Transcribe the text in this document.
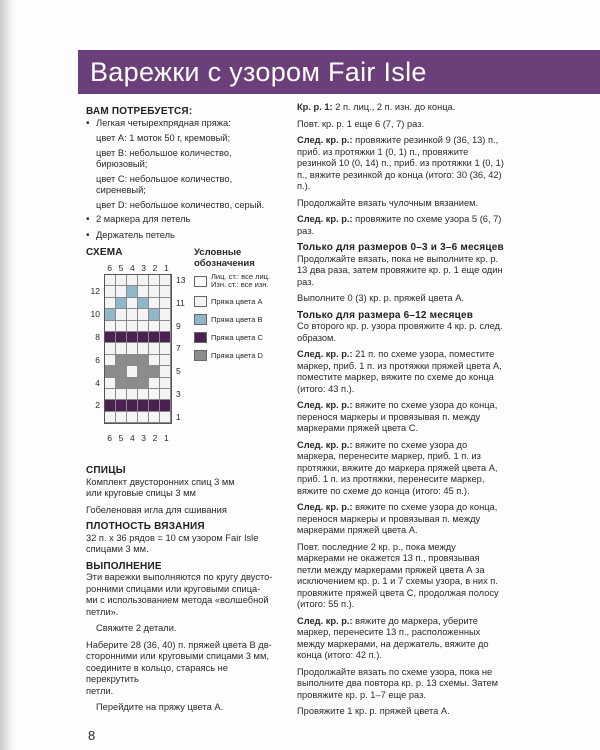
Варежки с узором Fair Isle
ВАМ ПОТРЕБУЕТСЯ:
•
Легкая четырехпрядная пряжа:
цвет А: 1 моток 50 г, кремовый;
цвет В: небольшое количество,
бирюзовый;
цвет С: небольшое количество,
сиреневый;
цвет D: небольшое количество, серый.
•
2 маркера для петель
•
Держатель петель
СХЕМА	Условные
обозначения
6 5 4 3 2 1
13
12
11
10
9
8
7
6
5
4
3
2
1
6 5 4 3 2 1
Лиц. ст.: все лиц.
Изн. ст.: все изн.
Пряжа цвета А
Пряжа цвета В
Пряжа цвета С
Пряжа цвета D
СПИЦЫ

Комплект двусторонних спиц 3 мм
или круговые спицы 3 мм

Гобеленовая игла для сшивания

ПЛОТНОСТЬ ВЯЗАНИЯ

32 п. х 36 рядов = 10 см узором Fair Isle
спицами 3 мм.

ВЫПОЛНЕНИЕ

Эти варежки выполняются по кругу двусто-
ронними спицами или круговыми спица-
ми с использованием метода «волшебной
петли».

Свяжите 2 детали.

Наберите 28 (36, 40) п. пряжей цвета В дв-
сторонними или круговыми спицами 3 мм,
соедините в кольцо, стараясь не перекрутить
петли.

Перейдите на пряжу цвета А.

Кр. р. 1: 2 п. лиц., 2 п. изн. до конца.

Повт. кр. р. 1 еще 6 (7, 7) раз.

След. кр. р.: провяжите резинкой 9 (36, 13) п., приб. из протяжки 1 (0, 1) п., провяжите резинкой 10 (0, 14) п., приб. из протяжки 1 (0, 1) п., вяжите резинкой до конца (итого: 30 (36, 42) п.).

Продолжайте вязать чулочным вязанием.

След. кр. р.: провяжите по схеме узора 5 (6, 7) раз.

Только для размеров 0–3 и 3–6 месяцев

Продолжайте вязать, пока не выполните кр. р. 13 два раза, затем провяжите кр. р. 1 еще один раз.

Выполните 0 (3) кр. р. пряжей цвета А.

Только для размера 6–12 месяцев

Со второго кр. р. узора провяжите 4 кр. р. след. образом.

След. кр. р.: 21 п. по схеме узора, поместите маркер, приб. 1 п. из протяжки пряжей цвета А, поместите маркер, вяжите по схеме до конца (итого: 43 п.).

След. кр. р.: вяжите по схеме узора до конца, перенося маркеры и провязывая п. между маркерами пряжей цвета С.

След. кр. р.: вяжите по схеме узора до маркера, перенесите маркер, приб. 1 п. из протяжки, вяжите до маркера пряжей цвета А, приб. 1 п. из протяжки, перенесите маркер, вяжите по схеме до конца (итого: 45 п.).

След. кр. р.: вяжите по схеме узора до конца, перенося маркеры и провязывая п. между маркерами пряжей цвета А.

Повт. последние 2 кр. р., пока между маркерами не окажется 13 п., провязывая петли между маркерами пряжей цвета А за исключением кр. р. 1 и 7 схемы узора, в них п. провяжите пряжей цвета С, продолжая полосу (итого: 55 п.).

След. кр. р.: вяжите до маркера, уберите маркер, перенесите 13 п., расположенных между маркерами, на держатель, вяжите до конца (итого: 42 п.).

Продолжайте вязать по схеме узора, пока не выполните два повтора кр. р. 13 схемы. Затем провяжите кр. р. 1–7 еще раз.

Провяжите 1 кр. р. пряжей цвета А.

8
